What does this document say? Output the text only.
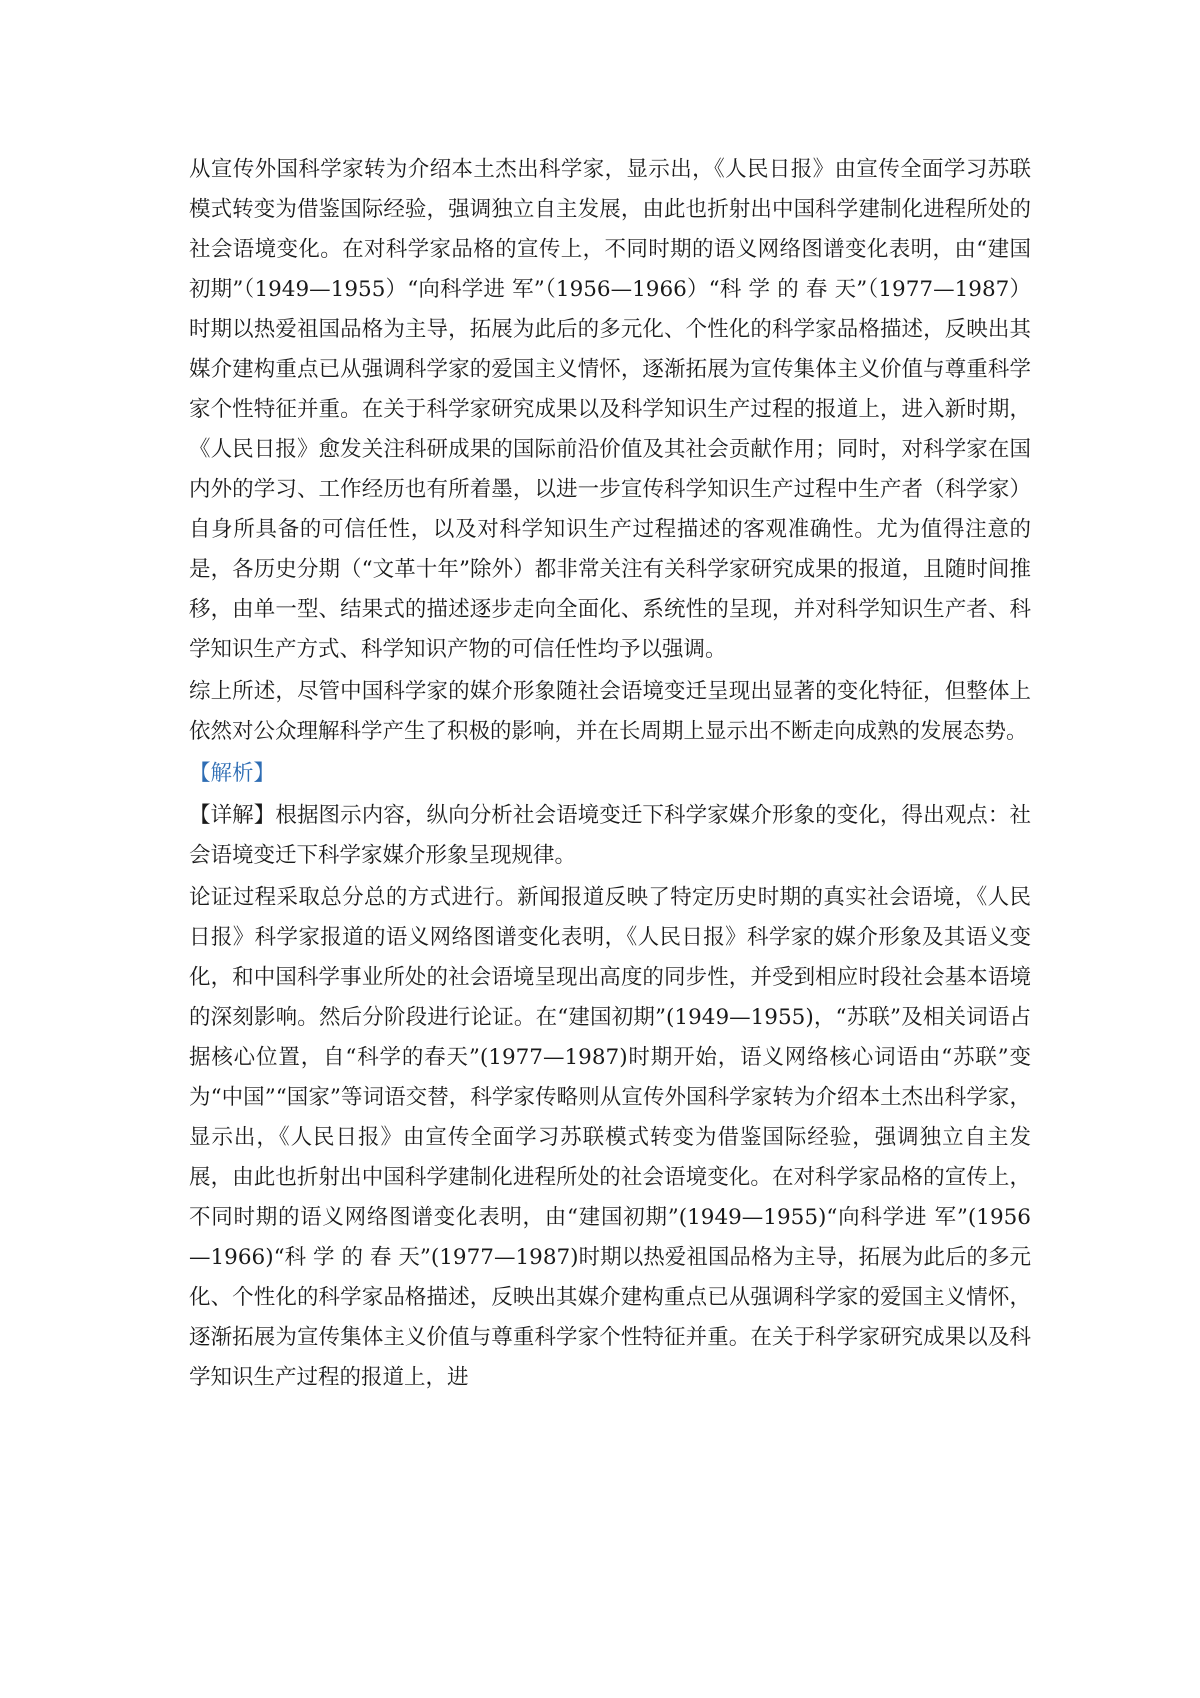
从宣传外国科学家转为介绍本土杰出科学家，显示出，《人民日报》由宣传全面学习苏联模式转变为借鉴国际经验，强调独立自主发展，由此也折射出中国科学建制化进程所处的社会语境变化。在对科学家品格的宣传上，不同时期的语义网络图谱变化表明，由“建国初期”（1949—1955）“向科学进 军”（1956—1966）“科 学 的 春 天”（1977—1987）时期以热爱祖国品格为主导，拓展为此后的多元化、个性化的科学家品格描述，反映出其媒介建构重点已从强调科学家的爱国主义情怀，逐渐拓展为宣传集体主义价值与尊重科学家个性特征并重。在关于科学家研究成果以及科学知识生产过程的报道上，进入新时期，《人民日报》愈发关注科研成果的国际前沿价值及其社会贡献作用；同时，对科学家在国内外的学习、工作经历也有所着墨，以进一步宣传科学知识生产过程中生产者（科学家）自身所具备的可信任性，以及对科学知识生产过程描述的客观准确性。尤为值得注意的是，各历史分期（“文革十年”除外）都非常关注有关科学家研究成果的报道，且随时间推移，由单一型、结果式的描述逐步走向全面化、系统性的呈现，并对科学知识生产者、科学知识生产方式、科学知识产物的可信任性均予以强调。

综上所述，尽管中国科学家的媒介形象随社会语境变迁呈现出显著的变化特征，但整体上依然对公众理解科学产生了积极的影响，并在长周期上显示出不断走向成熟的发展态势。

【解析】

【详解】根据图示内容，纵向分析社会语境变迁下科学家媒介形象的变化，得出观点：社会语境变迁下科学家媒介形象呈现规律。

论证过程采取总分总的方式进行。新闻报道反映了特定历史时期的真实社会语境，《人民日报》科学家报道的语义网络图谱变化表明，《人民日报》科学家的媒介形象及其语义变化，和中国科学事业所处的社会语境呈现出高度的同步性，并受到相应时段社会基本语境的深刻影响。然后分阶段进行论证。在“建国初期”(1949—1955)，“苏联”及相关词语占据核心位置，自“科学的春天”(1977—1987)时期开始，语义网络核心词语由“苏联”变为“中国”“国家”等词语交替，科学家传略则从宣传外国科学家转为介绍本土杰出科学家，显示出，《人民日报》由宣传全面学习苏联模式转变为借鉴国际经验，强调独立自主发展，由此也折射出中国科学建制化进程所处的社会语境变化。在对科学家品格的宣传上，不同时期的语义网络图谱变化表明，由“建国初期”(1949—1955)“向科学进 军”(1956—1966)“科 学 的 春 天”(1977—1987)时期以热爱祖国品格为主导，拓展为此后的多元化、个性化的科学家品格描述，反映出其媒介建构重点已从强调科学家的爱国主义情怀，逐渐拓展为宣传集体主义价值与尊重科学家个性特征并重。在关于科学家研究成果以及科学知识生产过程的报道上，进
